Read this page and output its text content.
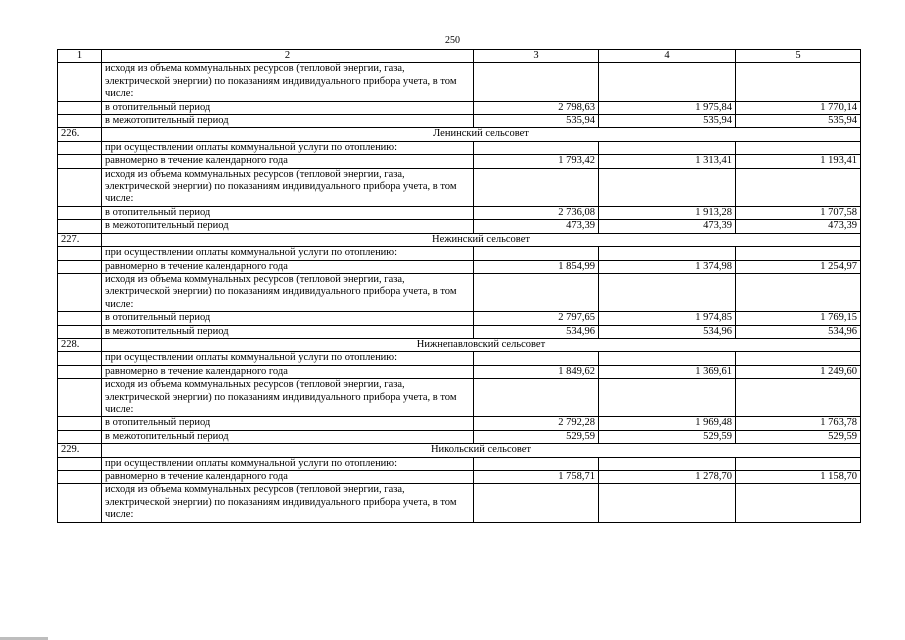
250
1	2	3	4	5
	исходя из объема коммунальных ресурсов (тепловой энергии, газа, электрической энергии) по показаниям индивидуального прибора учета, в том числе:			
	в отопительный период	2 798,63	1 975,84	1 770,14
	в межотопительный период	535,94	535,94	535,94
226.	Ленинский сельсовет			
	при осуществлении оплаты коммунальной услуги по отоплению:			
	равномерно в течение календарного года	1 793,42	1 313,41	1 193,41
	исходя из объема коммунальных ресурсов (тепловой энергии, газа, электрической энергии) по показаниям индивидуального прибора учета, в том числе:			
	в отопительный период	2 736,08	1 913,28	1 707,58
	в межотопительный период	473,39	473,39	473,39
227.	Нежинский сельсовет			
	при осуществлении оплаты коммунальной услуги по отоплению:			
	равномерно в течение календарного года	1 854,99	1 374,98	1 254,97
	исходя из объема коммунальных ресурсов (тепловой энергии, газа, электрической энергии) по показаниям индивидуального прибора учета, в том числе:			
	в отопительный период	2 797,65	1 974,85	1 769,15
	в межотопительный период	534,96	534,96	534,96
228.	Нижнепавловский сельсовет			
	при осуществлении оплаты коммунальной услуги по отоплению:			
	равномерно в течение календарного года	1 849,62	1 369,61	1 249,60
	исходя из объема коммунальных ресурсов (тепловой энергии, газа, электрической энергии) по показаниям индивидуального прибора учета, в том числе:			
	в отопительный период	2 792,28	1 969,48	1 763,78
	в межотопительный период	529,59	529,59	529,59
229.	Никольский сельсовет			
	при осуществлении оплаты коммунальной услуги по отоплению:			
	равномерно в течение календарного года	1 758,71	1 278,70	1 158,70
	исходя из объема коммунальных ресурсов (тепловой энергии, газа, электрической энергии) по показаниям индивидуального прибора учета, в том числе:			
